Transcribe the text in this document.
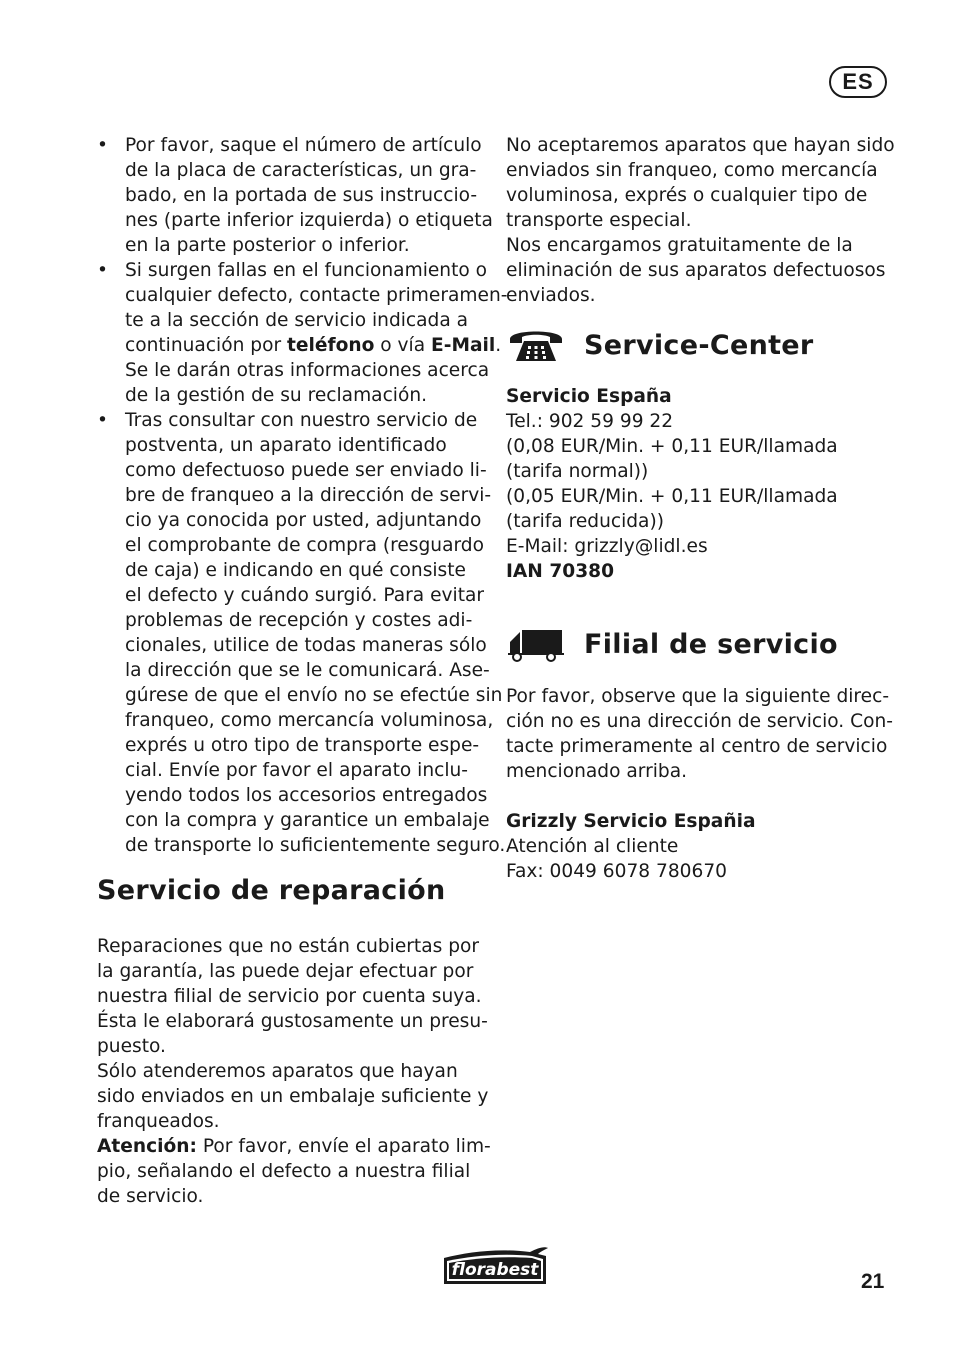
ES
• Por favor, saque el número de artículo
de la placa de características, un gra-
bado, en la portada de sus instruccio-
nes (parte inferior izquierda) o etiqueta
en la parte posterior o inferior.
• Si surgen fallas en el funcionamiento o
cualquier defecto, contacte primeramen-
te a la sección de servicio indicada a
continuación por teléfono o vía E-Mail.
Se le darán otras informaciones acerca
de la gestión de su reclamación.
• Tras consultar con nuestro servicio de
postventa, un aparato identificado
como defectuoso puede ser enviado li-
bre de franqueo a la dirección de servi-
cio ya conocida por usted, adjuntando
el comprobante de compra (resguardo
de caja) e indicando en qué consiste
el defecto y cuándo surgió. Para evitar
problemas de recepción y costes adi-
cionales, utilice de todas maneras sólo
la dirección que se le comunicará. Ase-
gúrese de que el envío no se efectúe sin
franqueo, como mercancía voluminosa,
exprés u otro tipo de transporte espe-
cial. Envíe por favor el aparato inclu-
yendo todos los accesorios entregados
con la compra y garantice un embalaje
de transporte lo suficientemente seguro.
Servicio de reparación
Reparaciones que no están cubiertas por
la garantía, las puede dejar efectuar por
nuestra filial de servicio por cuenta suya.
Ésta le elaborará gustosamente un presu-
puesto.
Sólo atenderemos aparatos que hayan
sido enviados en un embalaje suficiente y
franqueados.
Atención: Por favor, envíe el aparato lim-
pio, señalando el defecto a nuestra filial
de servicio.
No aceptaremos aparatos que hayan sido
enviados sin franqueo, como mercancía
voluminosa, exprés o cualquier tipo de
transporte especial.
Nos encargamos gratuitamente de la
eliminación de sus aparatos defectuosos
enviados.
Service-Center
Servicio España
Tel.: 902 59 99 22
(0,08 EUR/Min. + 0,11 EUR/llamada
(tarifa normal))
(0,05 EUR/Min. + 0,11 EUR/llamada
(tarifa reducida))
E-Mail: grizzly@lidl.es
IAN 70380
Filial de servicio
Por favor, observe que la siguiente direc-
ción no es una dirección de servicio. Con-
tacte primeramente al centro de servicio
mencionado arriba.
Grizzly Servicio Españia
Atención al cliente
Fax: 0049 6078 780670
florabest	21
